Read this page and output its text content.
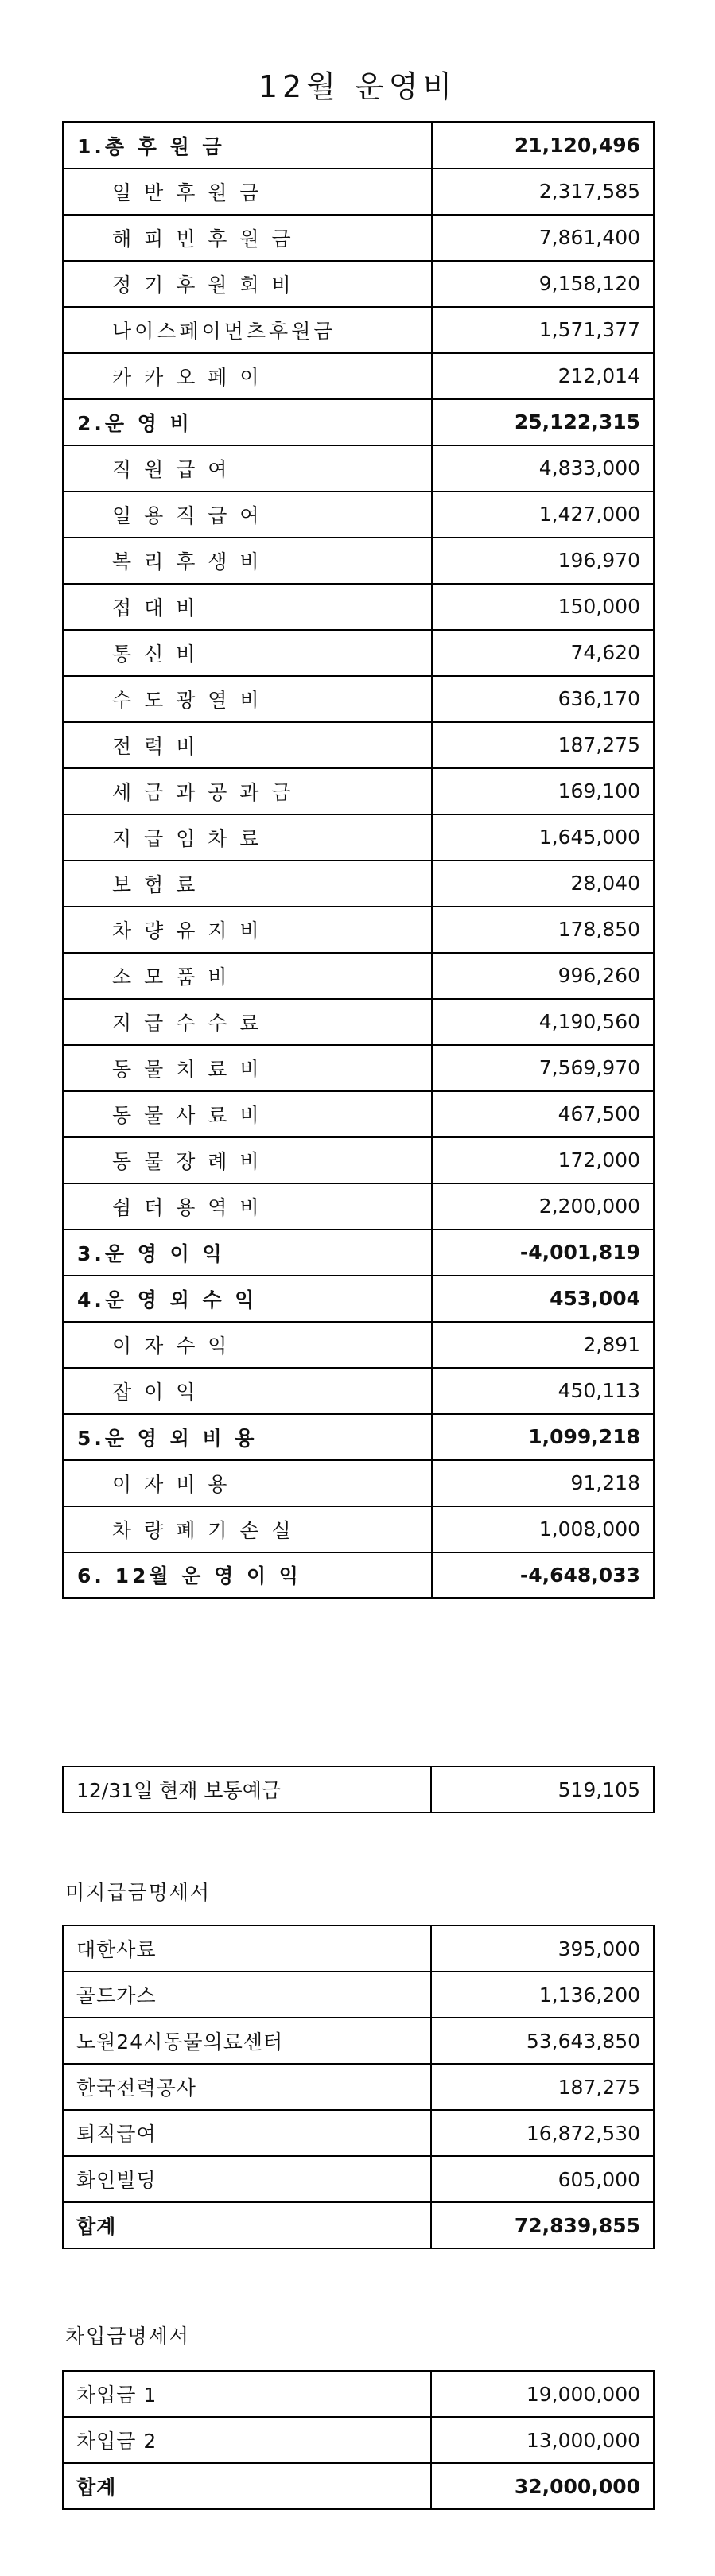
12월 운영비
1.총 후 원 금	21,120,496
일 반 후 원 금	2,317,585
해 피 빈 후 원 금	7,861,400
정 기 후 원 회 비	9,158,120
나이스페이먼츠후원금	1,571,377
카 카 오 페 이	212,014
2.운 영 비	25,122,315
직 원 급 여	4,833,000
일 용 직 급 여	1,427,000
복 리 후 생 비	196,970
접 대 비	150,000
통 신 비	74,620
수 도 광 열 비	636,170
전 력 비	187,275
세 금 과 공 과 금	169,100
지 급 임 차 료	1,645,000
보 험 료	28,040
차 량 유 지 비	178,850
소 모 품 비	996,260
지 급 수 수 료	4,190,560
동 물 치 료 비	7,569,970
동 물 사 료 비	467,500
동 물 장 례 비	172,000
쉼 터 용 역 비	2,200,000
3.운 영 이 익	-4,001,819
4.운 영 외 수 익	453,004
이 자 수 익	2,891
잡 이 익	450,113
5.운 영 외 비 용	1,099,218
이 자 비 용	91,218
차 량 폐 기 손 실	1,008,000
6. 12월 운 영 이 익	-4,648,033
12/31일 현재 보통예금	519,105
미지급금명세서
대한사료	395,000
골드가스	1,136,200
노원24시동물의료센터	53,643,850
한국전력공사	187,275
퇴직급여	16,872,530
화인빌딩	605,000
합계	72,839,855
차입금명세서
차입금 1	19,000,000
차입금 2	13,000,000
합계	32,000,000
